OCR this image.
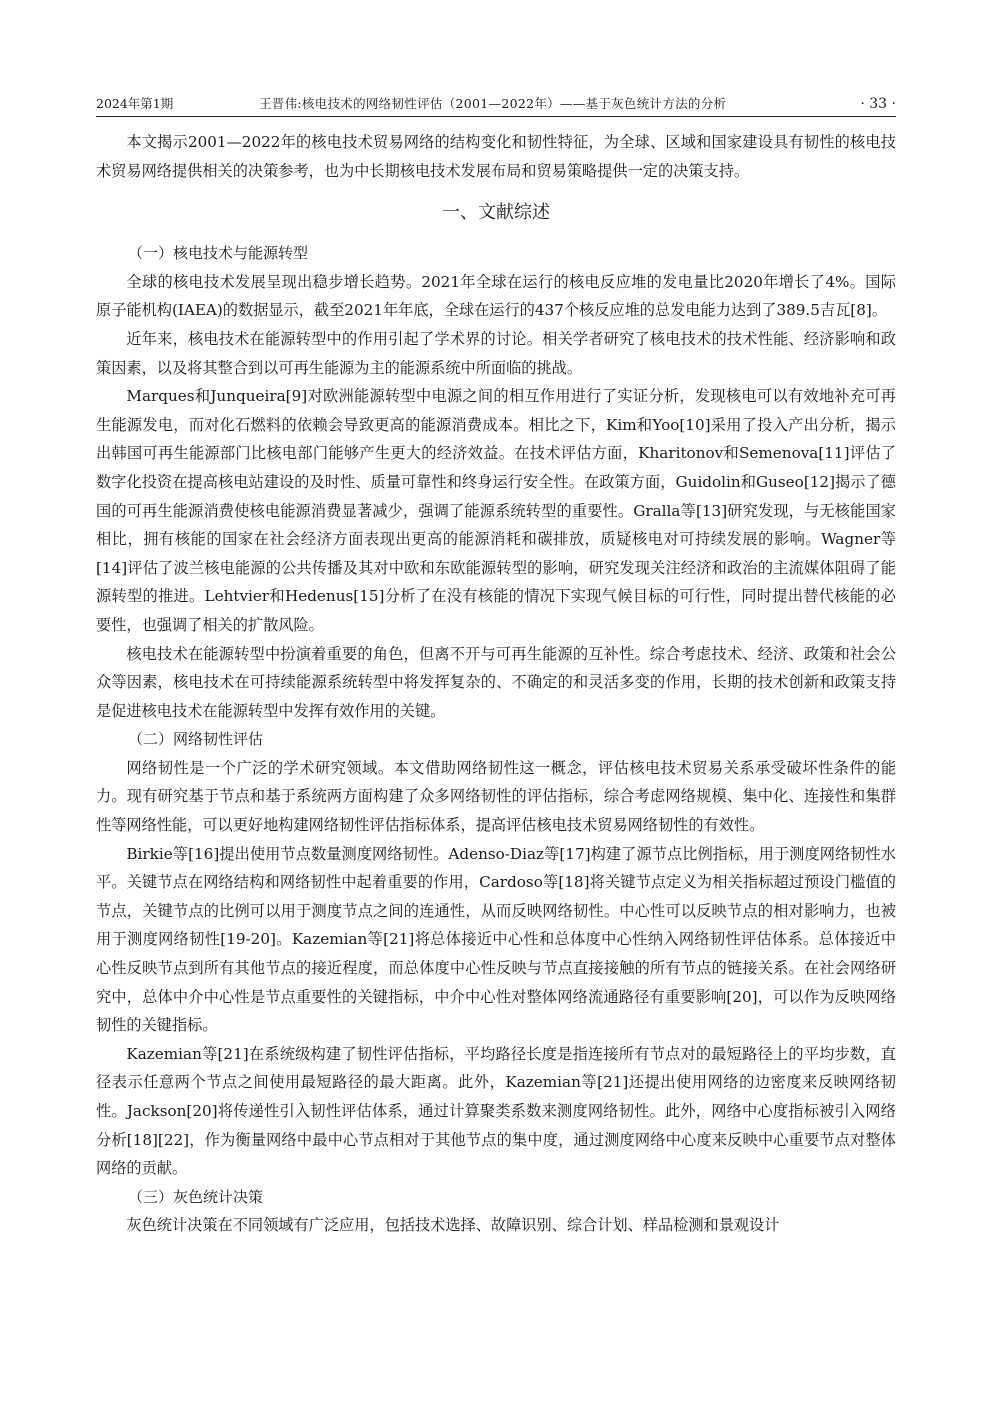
2024年第1期	王晋伟:核电技术的网络韧性评估（2001—2022年）——基于灰色统计方法的分析	· 33 ·

本文揭示2001—2022年的核电技术贸易网络的结构变化和韧性特征，为全球、区域和国家建设具有韧性的核电技术贸易网络提供相关的决策参考，也为中长期核电技术发展布局和贸易策略提供一定的决策支持。

一、文献综述

（一）核电技术与能源转型

全球的核电技术发展呈现出稳步增长趋势。2021年全球在运行的核电反应堆的发电量比2020年增长了4%。国际原子能机构(IAEA)的数据显示，截至2021年年底，全球在运行的437个核反应堆的总发电能力达到了389.5吉瓦[8]。

近年来，核电技术在能源转型中的作用引起了学术界的讨论。相关学者研究了核电技术的技术性能、经济影响和政策因素，以及将其整合到以可再生能源为主的能源系统中所面临的挑战。

Marques和Junqueira[9]对欧洲能源转型中电源之间的相互作用进行了实证分析，发现核电可以有效地补充可再生能源发电，而对化石燃料的依赖会导致更高的能源消费成本。相比之下，Kim和Yoo[10]采用了投入产出分析，揭示出韩国可再生能源部门比核电部门能够产生更大的经济效益。在技术评估方面，Kharitonov和Semenova[11]评估了数字化投资在提高核电站建设的及时性、质量可靠性和终身运行安全性。在政策方面，Guidolin和Guseo[12]揭示了德国的可再生能源消费使核电能源消费显著减少，强调了能源系统转型的重要性。Gralla等[13]研究发现，与无核能国家相比，拥有核能的国家在社会经济方面表现出更高的能源消耗和碳排放，质疑核电对可持续发展的影响。Wagner等[14]评估了波兰核电能源的公共传播及其对中欧和东欧能源转型的影响，研究发现关注经济和政治的主流媒体阻碍了能源转型的推进。Lehtvier和Hedenus[15]分析了在没有核能的情况下实现气候目标的可行性，同时提出替代核能的必要性，也强调了相关的扩散风险。

核电技术在能源转型中扮演着重要的角色，但离不开与可再生能源的互补性。综合考虑技术、经济、政策和社会公众等因素，核电技术在可持续能源系统转型中将发挥复杂的、不确定的和灵活多变的作用，长期的技术创新和政策支持是促进核电技术在能源转型中发挥有效作用的关键。

（二）网络韧性评估

网络韧性是一个广泛的学术研究领域。本文借助网络韧性这一概念，评估核电技术贸易关系承受破坏性条件的能力。现有研究基于节点和基于系统两方面构建了众多网络韧性的评估指标，综合考虑网络规模、集中化、连接性和集群性等网络性能，可以更好地构建网络韧性评估指标体系，提高评估核电技术贸易网络韧性的有效性。

Birkie等[16]提出使用节点数量测度网络韧性。Adenso-Diaz等[17]构建了源节点比例指标，用于测度网络韧性水平。关键节点在网络结构和网络韧性中起着重要的作用，Cardoso等[18]将关键节点定义为相关指标超过预设门槛值的节点，关键节点的比例可以用于测度节点之间的连通性，从而反映网络韧性。中心性可以反映节点的相对影响力，也被用于测度网络韧性[19-20]。Kazemian等[21]将总体接近中心性和总体度中心性纳入网络韧性评估体系。总体接近中心性反映节点到所有其他节点的接近程度，而总体度中心性反映与节点直接接触的所有节点的链接关系。在社会网络研究中，总体中介中心性是节点重要性的关键指标，中介中心性对整体网络流通路径有重要影响[20]，可以作为反映网络韧性的关键指标。

Kazemian等[21]在系统级构建了韧性评估指标，平均路径长度是指连接所有节点对的最短路径上的平均步数，直径表示任意两个节点之间使用最短路径的最大距离。此外，Kazemian等[21]还提出使用网络的边密度来反映网络韧性。Jackson[20]将传递性引入韧性评估体系，通过计算聚类系数来测度网络韧性。此外，网络中心度指标被引入网络分析[18][22]，作为衡量网络中最中心节点相对于其他节点的集中度，通过测度网络中心度来反映中心重要节点对整体网络的贡献。

（三）灰色统计决策

灰色统计决策在不同领域有广泛应用，包括技术选择、故障识别、综合计划、样品检测和景观设计
